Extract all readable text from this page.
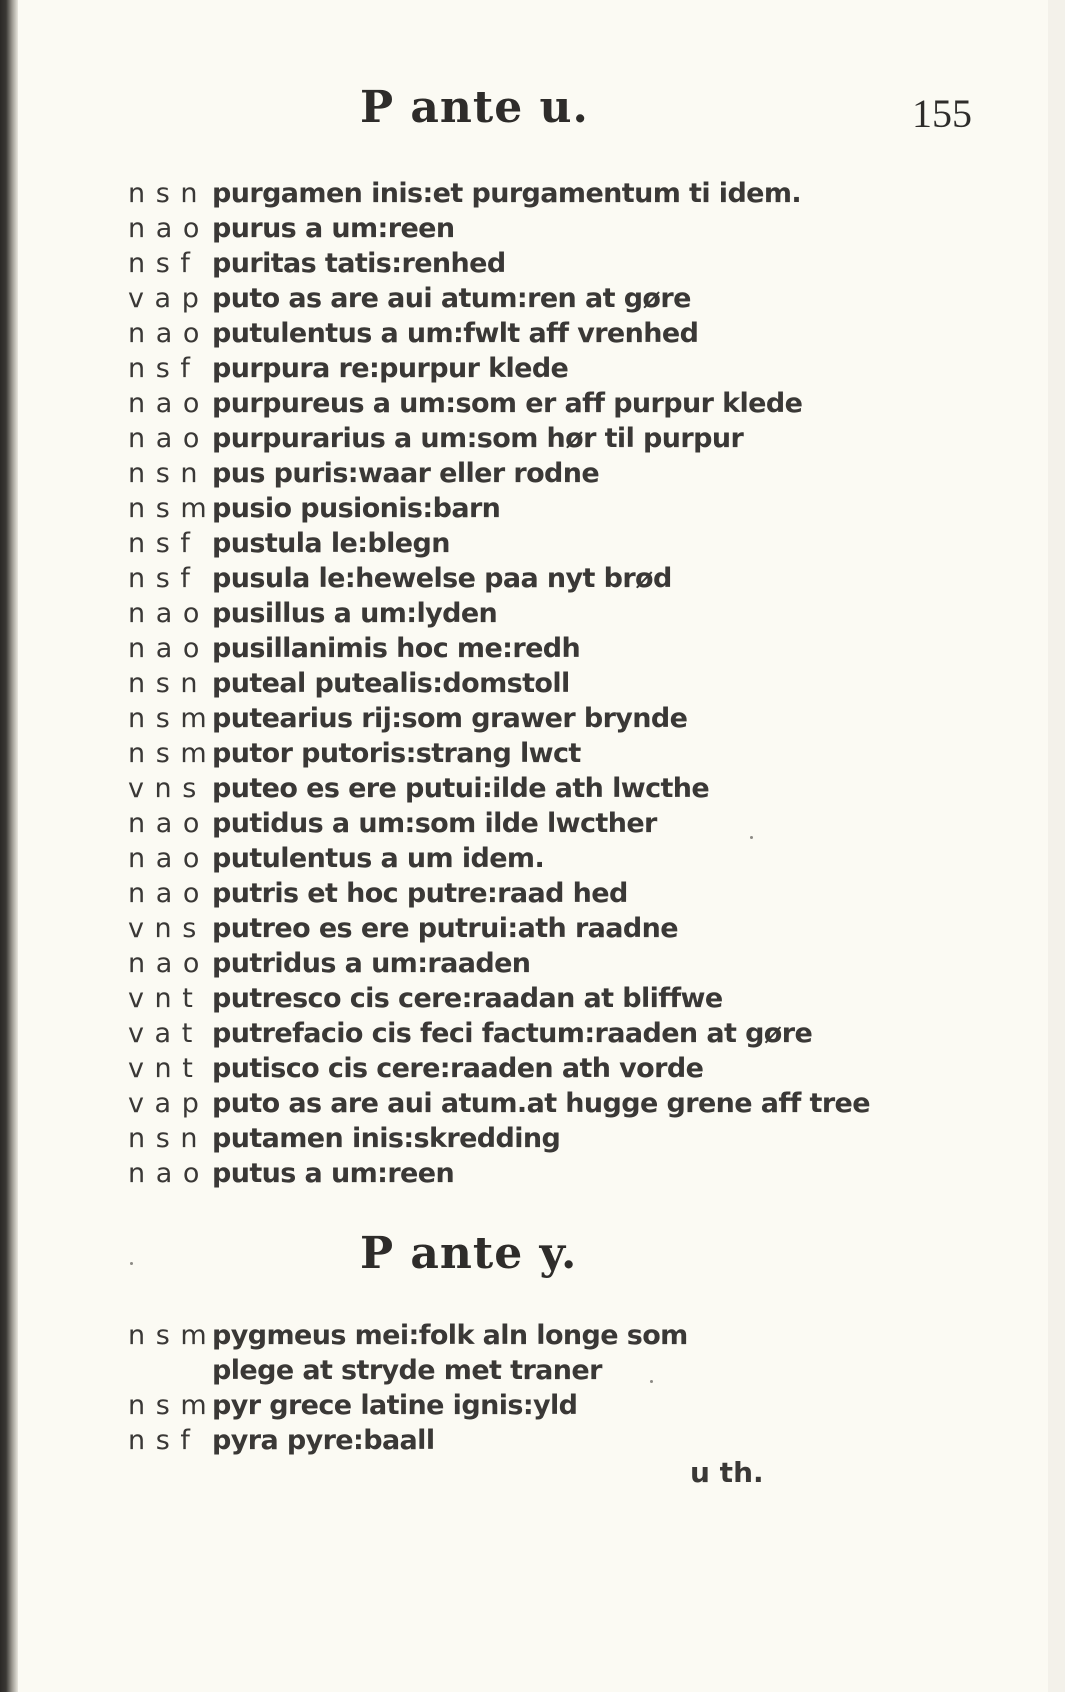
P ante u.	155
n s n purgamen inis:et purgamentum ti idem.
n a o purus a um:reen
n s f puritas tatis:renhed
v a p puto as are aui atum:ren at gøre
n a o putulentus a um:fwlt aff vrenhed
n s f purpura re:purpur klede
n a o purpureus a um:som er aff purpur klede
n a o purpurarius a um:som hør til purpur
n s n pus puris:waar eller rodne
n s m pusio pusionis:barn
n s f pustula le:blegn
n s f pusula le:hewelse paa nyt brød
n a o pusillus a um:lyden
n a o pusillanimis hoc me:redh
n s n puteal putealis:domstoll
n s m putearius rij:som grawer brynde
n s m putor putoris:strang lwct
v n s puteo es ere putui:ilde ath lwcthe
n a o putidus a um:som ilde lwcther
n a o putulentus a um idem.
n a o putris et hoc putre:raad hed
v n s putreo es ere putrui:ath raadne
n a o putridus a um:raaden
v n t putresco cis cere:raadan at bliffwe
v a t putrefacio cis feci factum:raaden at gøre
v n t putisco cis cere:raaden ath vorde
v a p puto as are aui atum.at hugge grene aff tree
n s n putamen inis:skredding
n a o putus a um:reen
P ante y.
n s m pygmeus mei:folk aln longe som
plege at stryde met traner
n s m pyr grece latine ignis:yld
n s f pyra pyre:baall
u th.
